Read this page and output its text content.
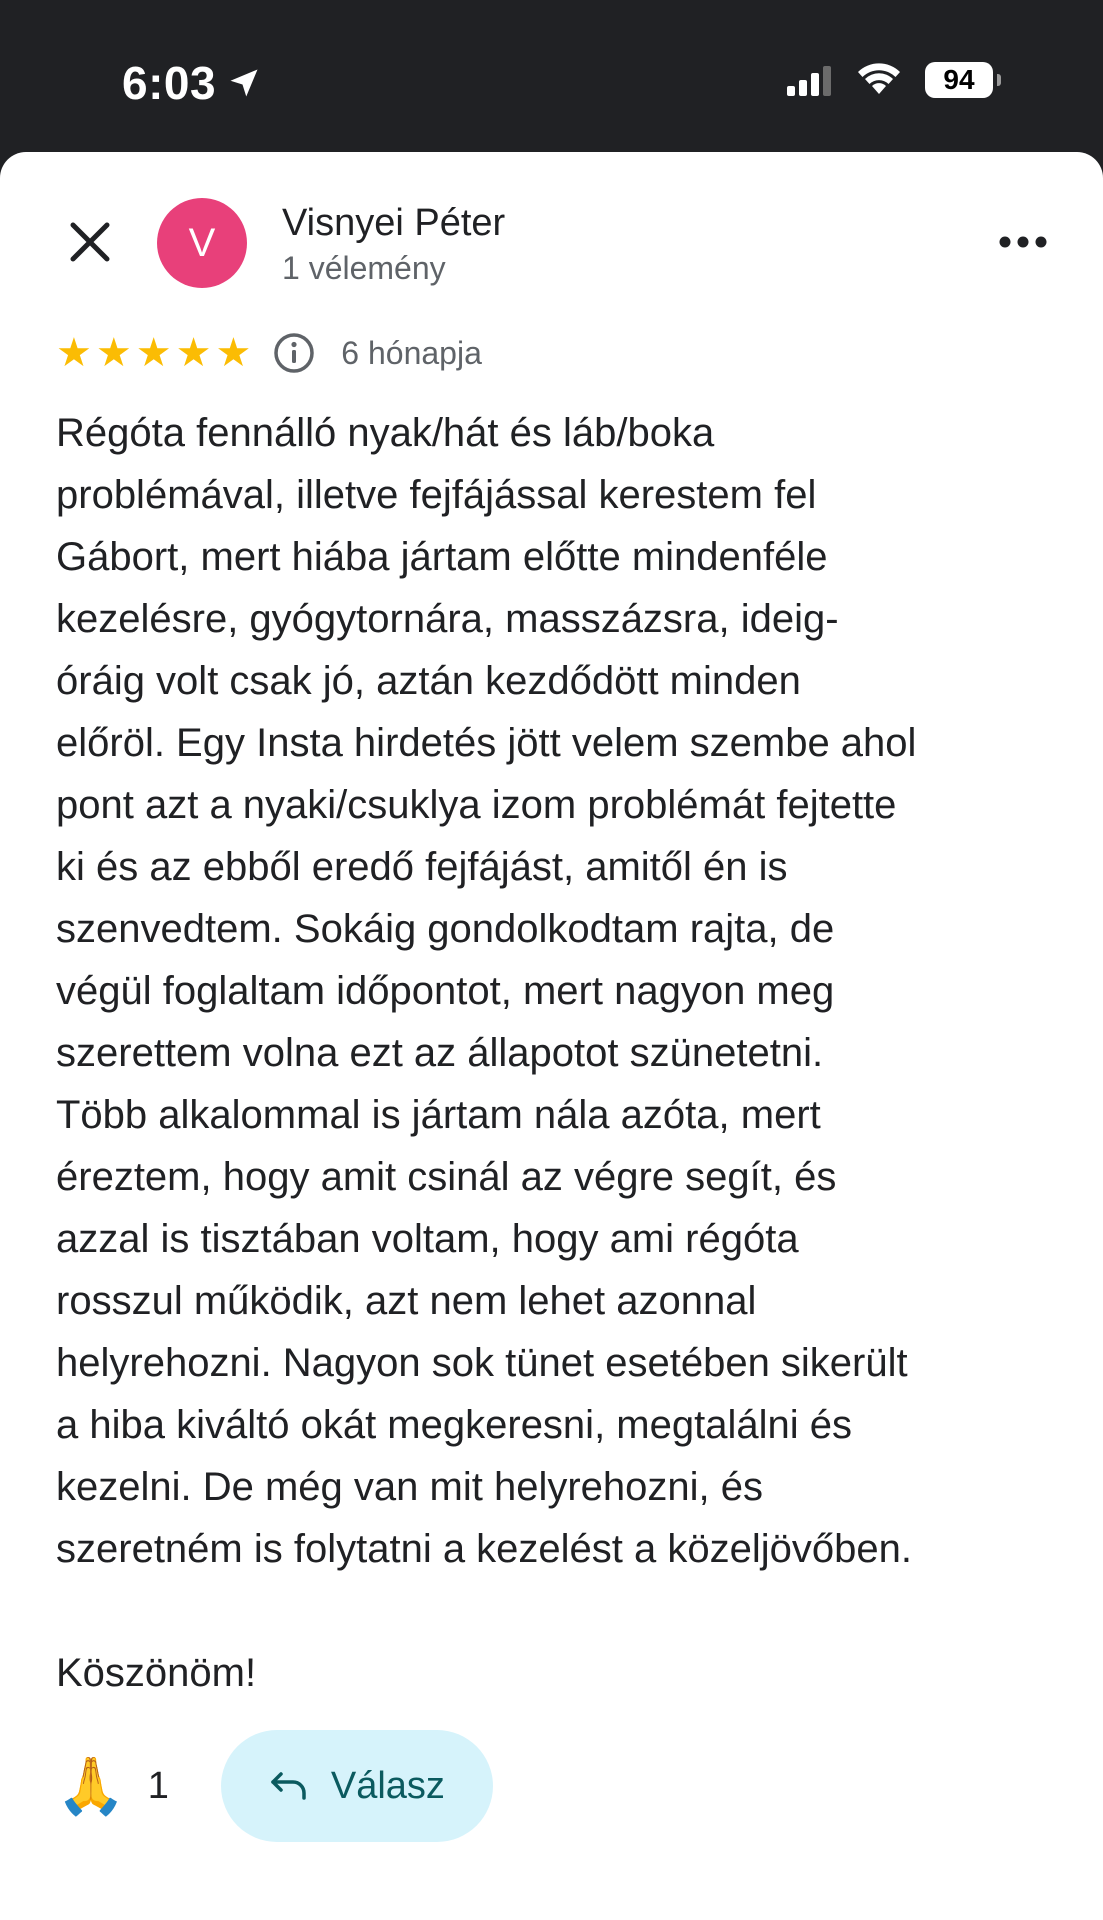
6:03	94
V Visnyei Péter
1 vélemény
★ ★ ★ ★ ★	6 hónapja
Régóta fennálló nyak/hát és láb/boka
problémával, illetve fejfájással kerestem fel
Gábort, mert hiába jártam előtte mindenféle
kezelésre, gyógytornára, masszázsra, ideig-
óráig volt csak jó, aztán kezdődött minden
előröl. Egy Insta hirdetés jött velem szembe ahol
pont azt a nyaki/csuklya izom problémát fejtette
ki és az ebből eredő fejfájást, amitől én is
szenvedtem. Sokáig gondolkodtam rajta, de
végül foglaltam időpontot, mert nagyon meg
szerettem volna ezt az állapotot szünetetni.
Több alkalommal is jártam nála azóta, mert
éreztem, hogy amit csinál az végre segít, és
azzal is tisztában voltam, hogy ami régóta
rosszul működik, azt nem lehet azonnal
helyrehozni. Nagyon sok tünet esetében sikerült
a hiba kiváltó okát megkeresni, megtalálni és
kezelni. De még van mit helyrehozni, és
szeretném is folytatni a kezelést a közeljövőben.

Köszönöm!
🙏 1	Válasz
